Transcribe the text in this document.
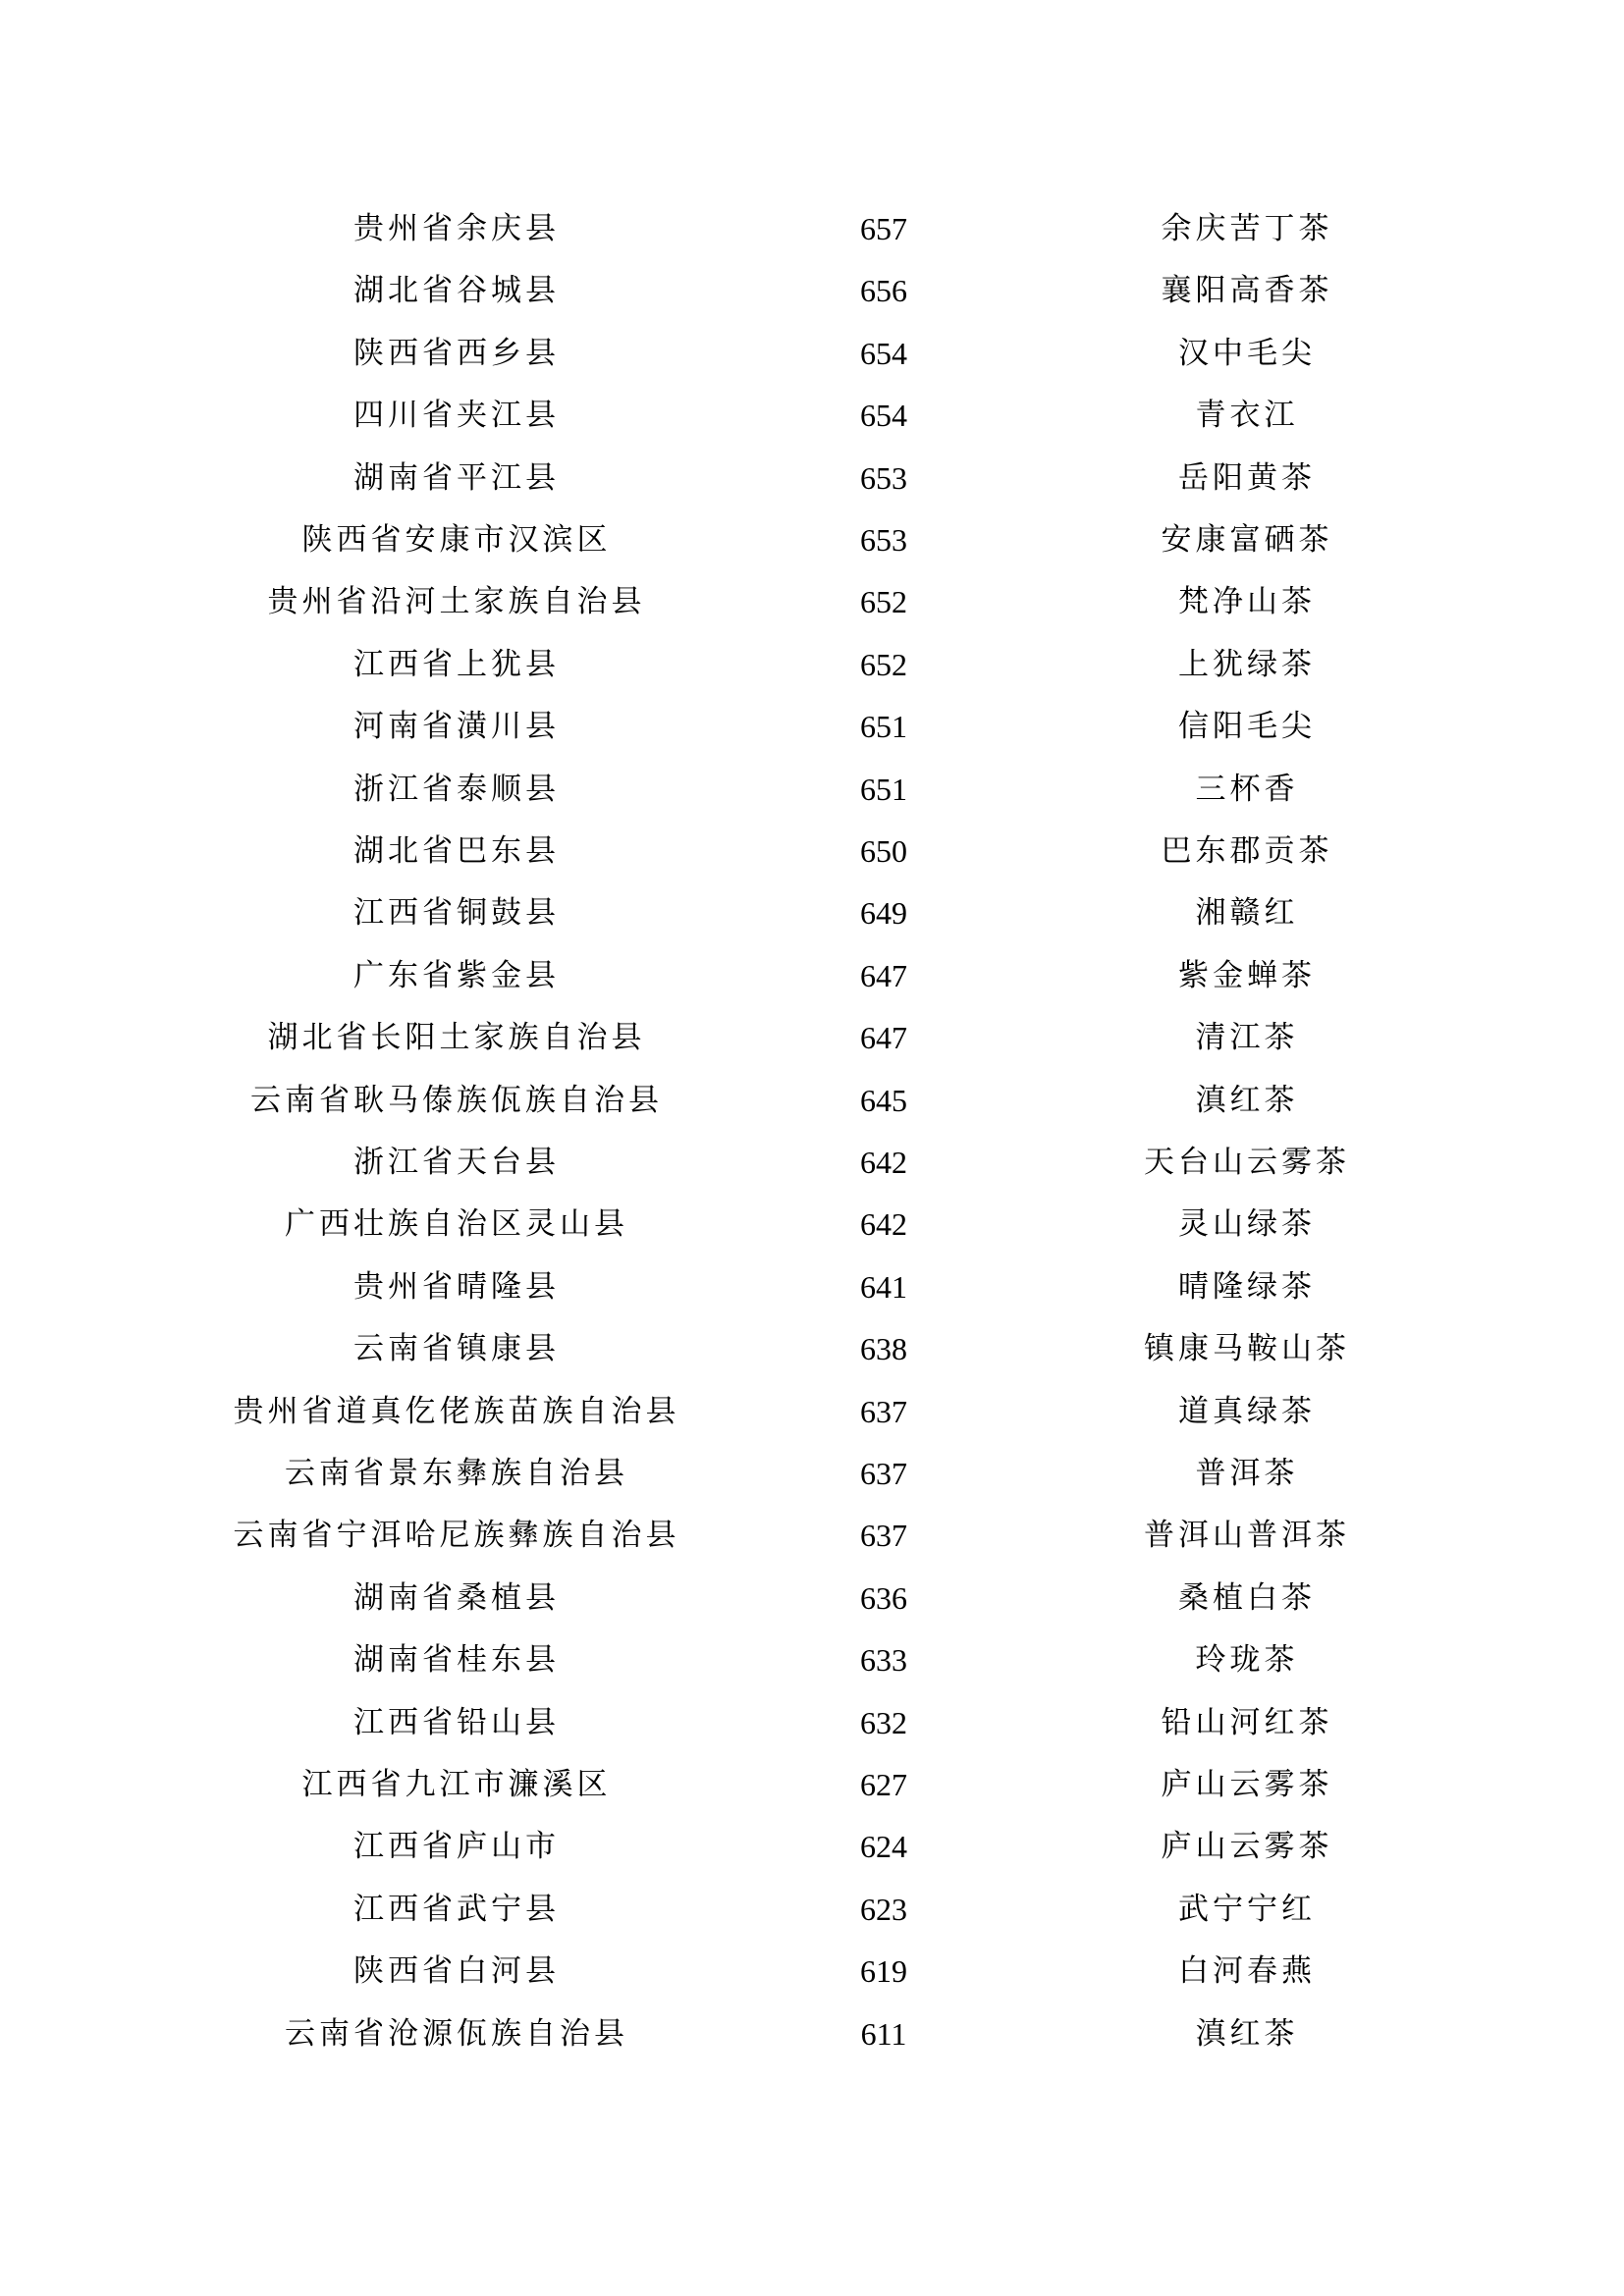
贵州省余庆县	657	余庆苦丁茶
湖北省谷城县	656	襄阳高香茶
陕西省西乡县	654	汉中毛尖
四川省夹江县	654	青衣江
湖南省平江县	653	岳阳黄茶
陕西省安康市汉滨区	653	安康富硒茶
贵州省沿河土家族自治县	652	梵净山茶
江西省上犹县	652	上犹绿茶
河南省潢川县	651	信阳毛尖
浙江省泰顺县	651	三杯香
湖北省巴东县	650	巴东郡贡茶
江西省铜鼓县	649	湘赣红
广东省紫金县	647	紫金蝉茶
湖北省长阳土家族自治县	647	清江茶
云南省耿马傣族佤族自治县	645	滇红茶
浙江省天台县	642	天台山云雾茶
广西壮族自治区灵山县	642	灵山绿茶
贵州省晴隆县	641	晴隆绿茶
云南省镇康县	638	镇康马鞍山茶
贵州省道真仡佬族苗族自治县	637	道真绿茶
云南省景东彝族自治县	637	普洱茶
云南省宁洱哈尼族彝族自治县	637	普洱山普洱茶
湖南省桑植县	636	桑植白茶
湖南省桂东县	633	玲珑茶
江西省铅山县	632	铅山河红茶
江西省九江市濂溪区	627	庐山云雾茶
江西省庐山市	624	庐山云雾茶
江西省武宁县	623	武宁宁红
陕西省白河县	619	白河春燕
云南省沧源佤族自治县	611	滇红茶
